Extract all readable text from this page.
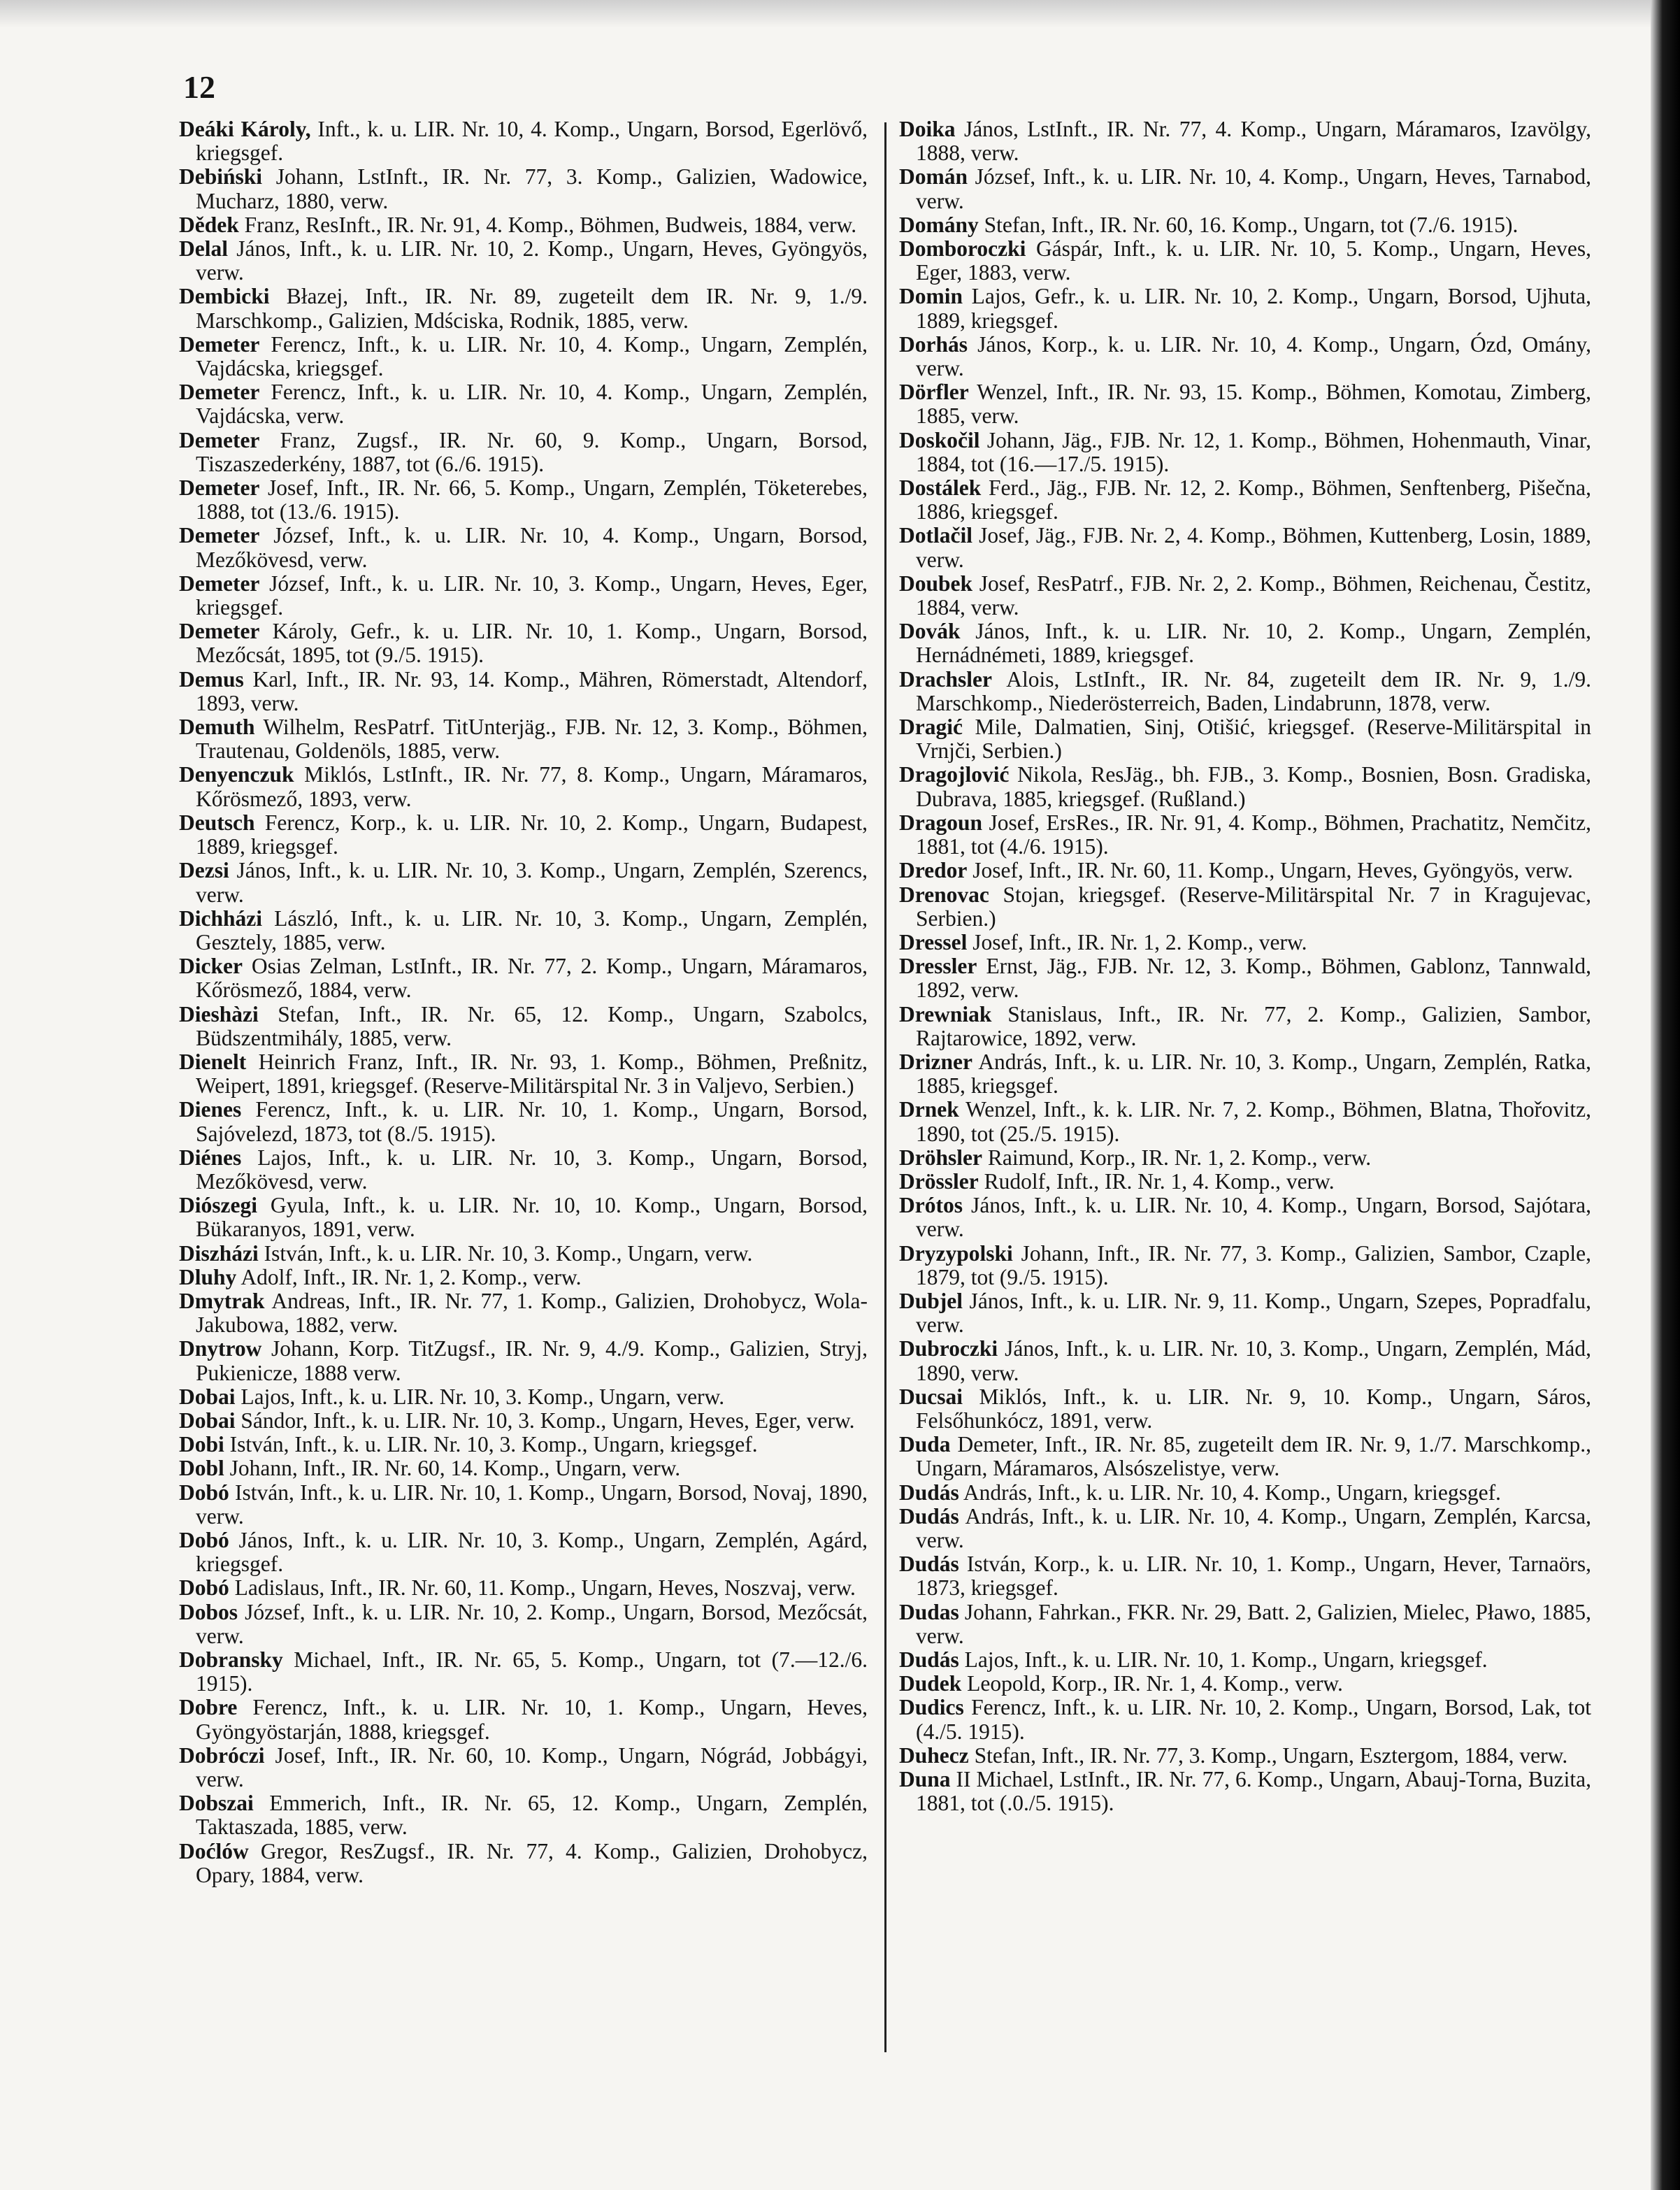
12

Deáki Károly, Inft., k. u. LIR. Nr. 10, 4. Komp., Ungarn, Borsod, Egerlövő, kriegsgef.

Debiński Johann, LstInft., IR. Nr. 77, 3. Komp., Galizien, Wadowice, Mucharz, 1880, verw.

Dědek Franz, ResInft., IR. Nr. 91, 4. Komp., Böhmen, Budweis, 1884, verw.

Delal János, Inft., k. u. LIR. Nr. 10, 2. Komp., Ungarn, Heves, Gyöngyös, verw.

Dembicki Błazej, Inft., IR. Nr. 89, zugeteilt dem IR. Nr. 9, 1./9. Marschkomp., Galizien, Mdściska, Rodnik, 1885, verw.

Demeter Ferencz, Inft., k. u. LIR. Nr. 10, 4. Komp., Ungarn, Zemplén, Vajdácska, kriegsgef.

Demeter Ferencz, Inft., k. u. LIR. Nr. 10, 4. Komp., Ungarn, Zemplén, Vajdácska, verw.

Demeter Franz, Zugsf., IR. Nr. 60, 9. Komp., Ungarn, Borsod, Tiszaszederkény, 1887, tot (6./6. 1915).

Demeter Josef, Inft., IR. Nr. 66, 5. Komp., Ungarn, Zemplén, Töketerebes, 1888, tot (13./6. 1915).

Demeter József, Inft., k. u. LIR. Nr. 10, 4. Komp., Ungarn, Borsod, Mezőkövesd, verw.

Demeter József, Inft., k. u. LIR. Nr. 10, 3. Komp., Ungarn, Heves, Eger, kriegsgef.

Demeter Károly, Gefr., k. u. LIR. Nr. 10, 1. Komp., Ungarn, Borsod, Mezőcsát, 1895, tot (9./5. 1915).

Demus Karl, Inft., IR. Nr. 93, 14. Komp., Mähren, Römerstadt, Altendorf, 1893, verw.

Demuth Wilhelm, ResPatrf. TitUnterjäg., FJB. Nr. 12, 3. Komp., Böhmen, Trautenau, Goldenöls, 1885, verw.

Denyenczuk Miklós, LstInft., IR. Nr. 77, 8. Komp., Ungarn, Máramaros, Kőrösmező, 1893, verw.

Deutsch Ferencz, Korp., k. u. LIR. Nr. 10, 2. Komp., Ungarn, Budapest, 1889, kriegsgef.

Dezsi János, Inft., k. u. LIR. Nr. 10, 3. Komp., Ungarn, Zemplén, Szerencs, verw.

Dichházi László, Inft., k. u. LIR. Nr. 10, 3. Komp., Ungarn, Zemplén, Gesztely, 1885, verw.

Dicker Osias Zelman, LstInft., IR. Nr. 77, 2. Komp., Ungarn, Máramaros, Kőrösmező, 1884, verw.

Dieshàzi Stefan, Inft., IR. Nr. 65, 12. Komp., Ungarn, Szabolcs, Büdszentmihály, 1885, verw.

Dienelt Heinrich Franz, Inft., IR. Nr. 93, 1. Komp., Böhmen, Preßnitz, Weipert, 1891, kriegsgef. (Reserve-Militärspital Nr. 3 in Valjevo, Serbien.)

Dienes Ferencz, Inft., k. u. LIR. Nr. 10, 1. Komp., Ungarn, Borsod, Sajóvelezd, 1873, tot (8./5. 1915).

Diénes Lajos, Inft., k. u. LIR. Nr. 10, 3. Komp., Ungarn, Borsod, Mezőkövesd, verw.

Diószegi Gyula, Inft., k. u. LIR. Nr. 10, 10. Komp., Ungarn, Borsod, Bükaranyos, 1891, verw.

Diszházi István, Inft., k. u. LIR. Nr. 10, 3. Komp., Ungarn, verw.

Dluhy Adolf, Inft., IR. Nr. 1, 2. Komp., verw.

Dmytrak Andreas, Inft., IR. Nr. 77, 1. Komp., Galizien, Drohobycz, Wola-Jakubowa, 1882, verw.

Dnytrow Johann, Korp. TitZugsf., IR. Nr. 9, 4./9. Komp., Galizien, Stryj, Pukienicze, 1888 verw.

Dobai Lajos, Inft., k. u. LIR. Nr. 10, 3. Komp., Ungarn, verw.

Dobai Sándor, Inft., k. u. LIR. Nr. 10, 3. Komp., Ungarn, Heves, Eger, verw.

Dobi István, Inft., k. u. LIR. Nr. 10, 3. Komp., Ungarn, kriegsgef.

Dobl Johann, Inft., IR. Nr. 60, 14. Komp., Ungarn, verw.

Dobó István, Inft., k. u. LIR. Nr. 10, 1. Komp., Ungarn, Borsod, Novaj, 1890, verw.

Dobó János, Inft., k. u. LIR. Nr. 10, 3. Komp., Ungarn, Zemplén, Agárd, kriegsgef.

Dobó Ladislaus, Inft., IR. Nr. 60, 11. Komp., Ungarn, Heves, Noszvaj, verw.

Dobos József, Inft., k. u. LIR. Nr. 10, 2. Komp., Ungarn, Borsod, Mezőcsát, verw.

Dobransky Michael, Inft., IR. Nr. 65, 5. Komp., Ungarn, tot (7.—12./6. 1915).

Dobre Ferencz, Inft., k. u. LIR. Nr. 10, 1. Komp., Ungarn, Heves, Gyöngyöstarján, 1888, kriegsgef.

Dobróczi Josef, Inft., IR. Nr. 60, 10. Komp., Ungarn, Nógrád, Jobbágyi, verw.

Dobszai Emmerich, Inft., IR. Nr. 65, 12. Komp., Ungarn, Zemplén, Taktaszada, 1885, verw.

Doćlów Gregor, ResZugsf., IR. Nr. 77, 4. Komp., Galizien, Drohobycz, Opary, 1884, verw.

Doika János, LstInft., IR. Nr. 77, 4. Komp., Ungarn, Máramaros, Izavölgy, 1888, verw.

Domán József, Inft., k. u. LIR. Nr. 10, 4. Komp., Ungarn, Heves, Tarnabod, verw.

Domány Stefan, Inft., IR. Nr. 60, 16. Komp., Ungarn, tot (7./6. 1915).

Domboroczki Gáspár, Inft., k. u. LIR. Nr. 10, 5. Komp., Ungarn, Heves, Eger, 1883, verw.

Domin Lajos, Gefr., k. u. LIR. Nr. 10, 2. Komp., Ungarn, Borsod, Ujhuta, 1889, kriegsgef.

Dorhás János, Korp., k. u. LIR. Nr. 10, 4. Komp., Ungarn, Ózd, Omány, verw.

Dörfler Wenzel, Inft., IR. Nr. 93, 15. Komp., Böhmen, Komotau, Zimberg, 1885, verw.

Doskočil Johann, Jäg., FJB. Nr. 12, 1. Komp., Böhmen, Hohenmauth, Vinar, 1884, tot (16.—17./5. 1915).

Dostálek Ferd., Jäg., FJB. Nr. 12, 2. Komp., Böhmen, Senftenberg, Pišečna, 1886, kriegsgef.

Dotlačil Josef, Jäg., FJB. Nr. 2, 4. Komp., Böhmen, Kuttenberg, Losin, 1889, verw.

Doubek Josef, ResPatrf., FJB. Nr. 2, 2. Komp., Böhmen, Reichenau, Čestitz, 1884, verw.

Dovák János, Inft., k. u. LIR. Nr. 10, 2. Komp., Ungarn, Zemplén, Hernádnémeti, 1889, kriegsgef.

Drachsler Alois, LstInft., IR. Nr. 84, zugeteilt dem IR. Nr. 9, 1./9. Marschkomp., Niederösterreich, Baden, Lindabrunn, 1878, verw.

Dragić Mile, Dalmatien, Sinj, Otišić, kriegsgef. (Reserve-Militärspital in Vrnjči, Serbien.)

Dragojlović Nikola, ResJäg., bh. FJB., 3. Komp., Bosnien, Bosn. Gradiska, Dubrava, 1885, kriegsgef. (Rußland.)

Dragoun Josef, ErsRes., IR. Nr. 91, 4. Komp., Böhmen, Prachatitz, Nemčitz, 1881, tot (4./6. 1915).

Dredor Josef, Inft., IR. Nr. 60, 11. Komp., Ungarn, Heves, Gyöngyös, verw.

Drenovac Stojan, kriegsgef. (Reserve-Militärspital Nr. 7 in Kragujevac, Serbien.)

Dressel Josef, Inft., IR. Nr. 1, 2. Komp., verw.

Dressler Ernst, Jäg., FJB. Nr. 12, 3. Komp., Böhmen, Gablonz, Tannwald, 1892, verw.

Drewniak Stanislaus, Inft., IR. Nr. 77, 2. Komp., Galizien, Sambor, Rajtarowice, 1892, verw.

Drizner András, Inft., k. u. LIR. Nr. 10, 3. Komp., Ungarn, Zemplén, Ratka, 1885, kriegsgef.

Drnek Wenzel, Inft., k. k. LIR. Nr. 7, 2. Komp., Böhmen, Blatna, Thořovitz, 1890, tot (25./5. 1915).

Dröhsler Raimund, Korp., IR. Nr. 1, 2. Komp., verw.

Drössler Rudolf, Inft., IR. Nr. 1, 4. Komp., verw.

Drótos János, Inft., k. u. LIR. Nr. 10, 4. Komp., Ungarn, Borsod, Sajótara, verw.

Dryzypolski Johann, Inft., IR. Nr. 77, 3. Komp., Galizien, Sambor, Czaple, 1879, tot (9./5. 1915).

Dubjel János, Inft., k. u. LIR. Nr. 9, 11. Komp., Ungarn, Szepes, Popradfalu, verw.

Dubroczki János, Inft., k. u. LIR. Nr. 10, 3. Komp., Ungarn, Zemplén, Mád, 1890, verw.

Ducsai Miklós, Inft., k. u. LIR. Nr. 9, 10. Komp., Ungarn, Sáros, Felsőhunkócz, 1891, verw.

Duda Demeter, Inft., IR. Nr. 85, zugeteilt dem IR. Nr. 9, 1./7. Marschkomp., Ungarn, Máramaros, Alsószelistye, verw.

Dudás András, Inft., k. u. LIR. Nr. 10, 4. Komp., Ungarn, kriegsgef.

Dudás András, Inft., k. u. LIR. Nr. 10, 4. Komp., Ungarn, Zemplén, Karcsa, verw.

Dudás István, Korp., k. u. LIR. Nr. 10, 1. Komp., Ungarn, Hever, Tarnaörs, 1873, kriegsgef.

Dudas Johann, Fahrkan., FKR. Nr. 29, Batt. 2, Galizien, Mielec, Pławo, 1885, verw.

Dudás Lajos, Inft., k. u. LIR. Nr. 10, 1. Komp., Ungarn, kriegsgef.

Dudek Leopold, Korp., IR. Nr. 1, 4. Komp., verw.

Dudics Ferencz, Inft., k. u. LIR. Nr. 10, 2. Komp., Ungarn, Borsod, Lak, tot (4./5. 1915).

Duhecz Stefan, Inft., IR. Nr. 77, 3. Komp., Ungarn, Esztergom, 1884, verw.

Duna II Michael, LstInft., IR. Nr. 77, 6. Komp., Ungarn, Abauj-Torna, Buzita, 1881, tot (.0./5. 1915).
